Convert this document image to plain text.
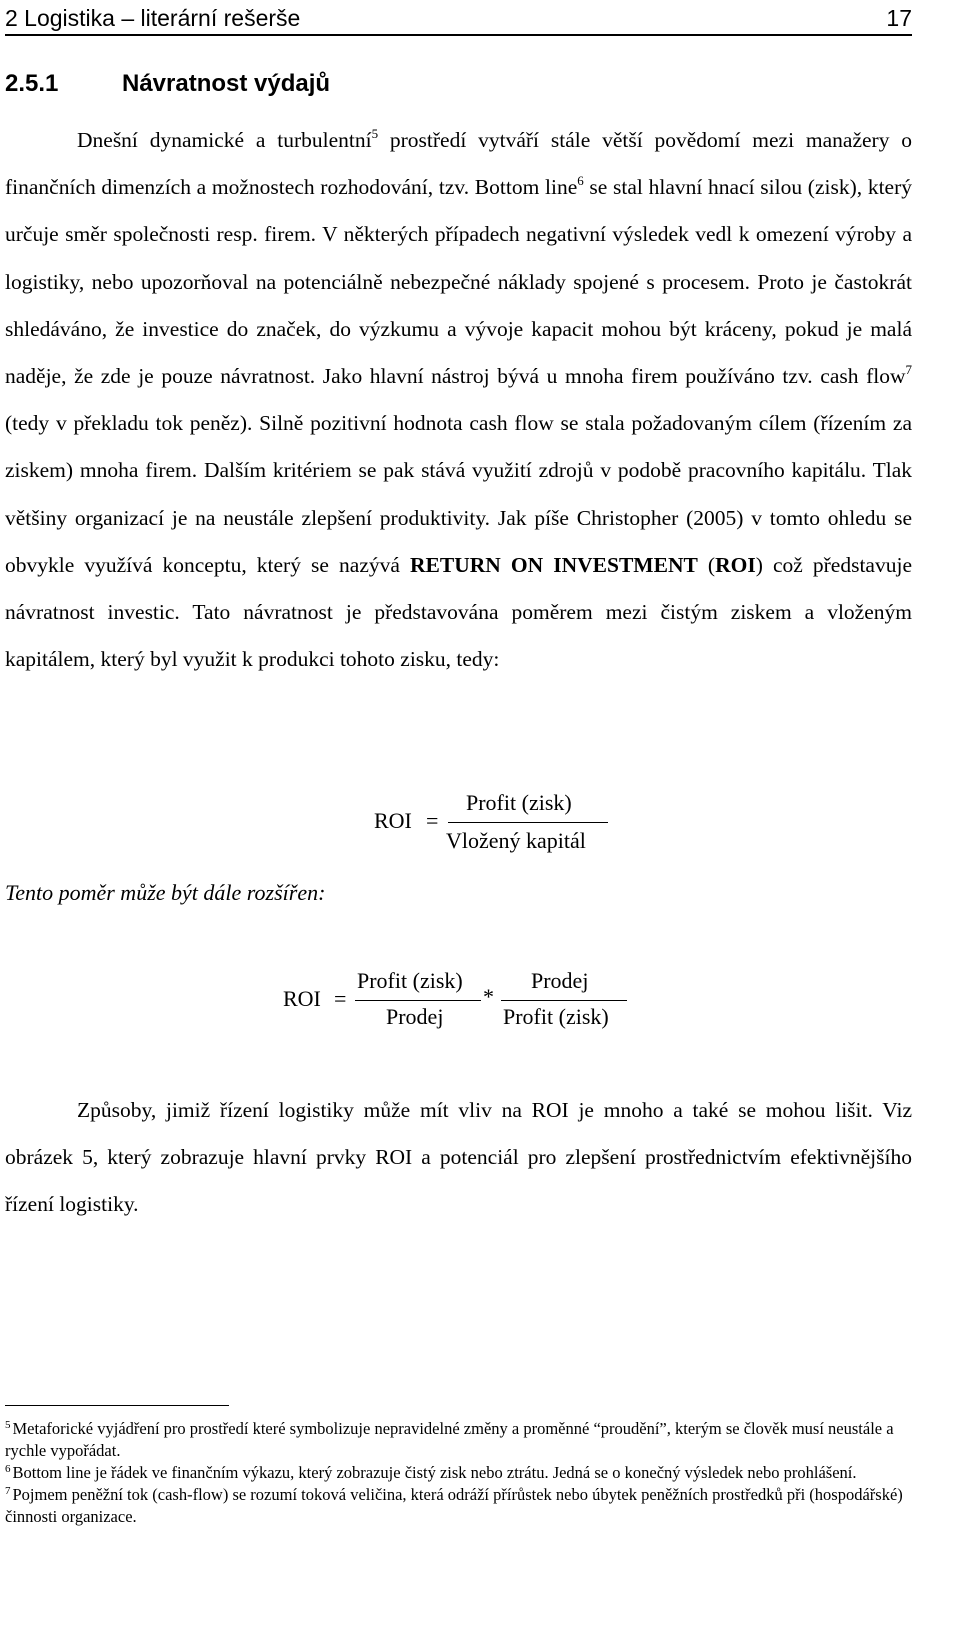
2 Logistika – literární rešerše	17
2.5.1	Návratnost výdajů

Dnešní dynamické a turbulentní$^5$ prostředí vytváří stále větší povědomí mezi manažery o finančních dimenzích a možnostech rozhodování, tzv. Bottom line$^6$ se stal hlavní hnací silou (zisk), který určuje směr společnosti resp. firem. V některých případech negativní výsledek vedl k omezení výroby a logistiky, nebo upozorňoval na potenciálně nebezpečné náklady spojené s procesem. Proto je častokrát shledáváno, že investice do značek, do výzkumu a vývoje kapacit mohou být kráceny, pokud je malá naděje, že zde je pouze návratnost. Jako hlavní nástroj bývá u mnoha firem používáno tzv. cash flow$^7$ (tedy v překladu tok peněz). Silně pozitivní hodnota cash flow se stala požadovaným cílem (řízením za ziskem) mnoha firem. Dalším kritériem se pak stává využití zdrojů v podobě pracovního kapitálu. Tlak většiny organizací je na neustále zlepšení produktivity. Jak píše Christopher (2005) v tomto ohledu se obvykle využívá konceptu, který se nazývá RETURN ON INVESTMENT (ROI) což představuje návratnost investic. Tato návratnost je představována poměrem mezi čistým ziskem a vloženým kapitálem, který byl využit k produkci tohoto zisku, tedy:

ROI =
Profit (zisk)
Vložený kapitál
Tento poměr může být dále rozšířen:
ROI =
Profit (zisk)
Prodej
*
Prodej
Profit (zisk)

Způsoby, jimiž řízení logistiky může mít vliv na ROI je mnoho a také se mohou lišit. Viz obrázek 5, který zobrazuje hlavní prvky ROI a potenciál pro zlepšení prostřednictvím efektivnějšího řízení logistiky.

$^5$ Metaforické vyjádření pro prostředí které symbolizuje nepravidelné změny a proměnné “proudění”, kterým se člověk musí neustále a rychle vypořádat.

$^6$ Bottom line je řádek ve finančním výkazu, který zobrazuje čistý zisk nebo ztrátu. Jedná se o konečný výsledek nebo prohlášení.

$^7$ Pojmem peněžní tok (cash-flow) se rozumí toková veličina, která odráží přírůstek nebo úbytek peněžních prostředků při (hospodářské) činnosti organizace.
